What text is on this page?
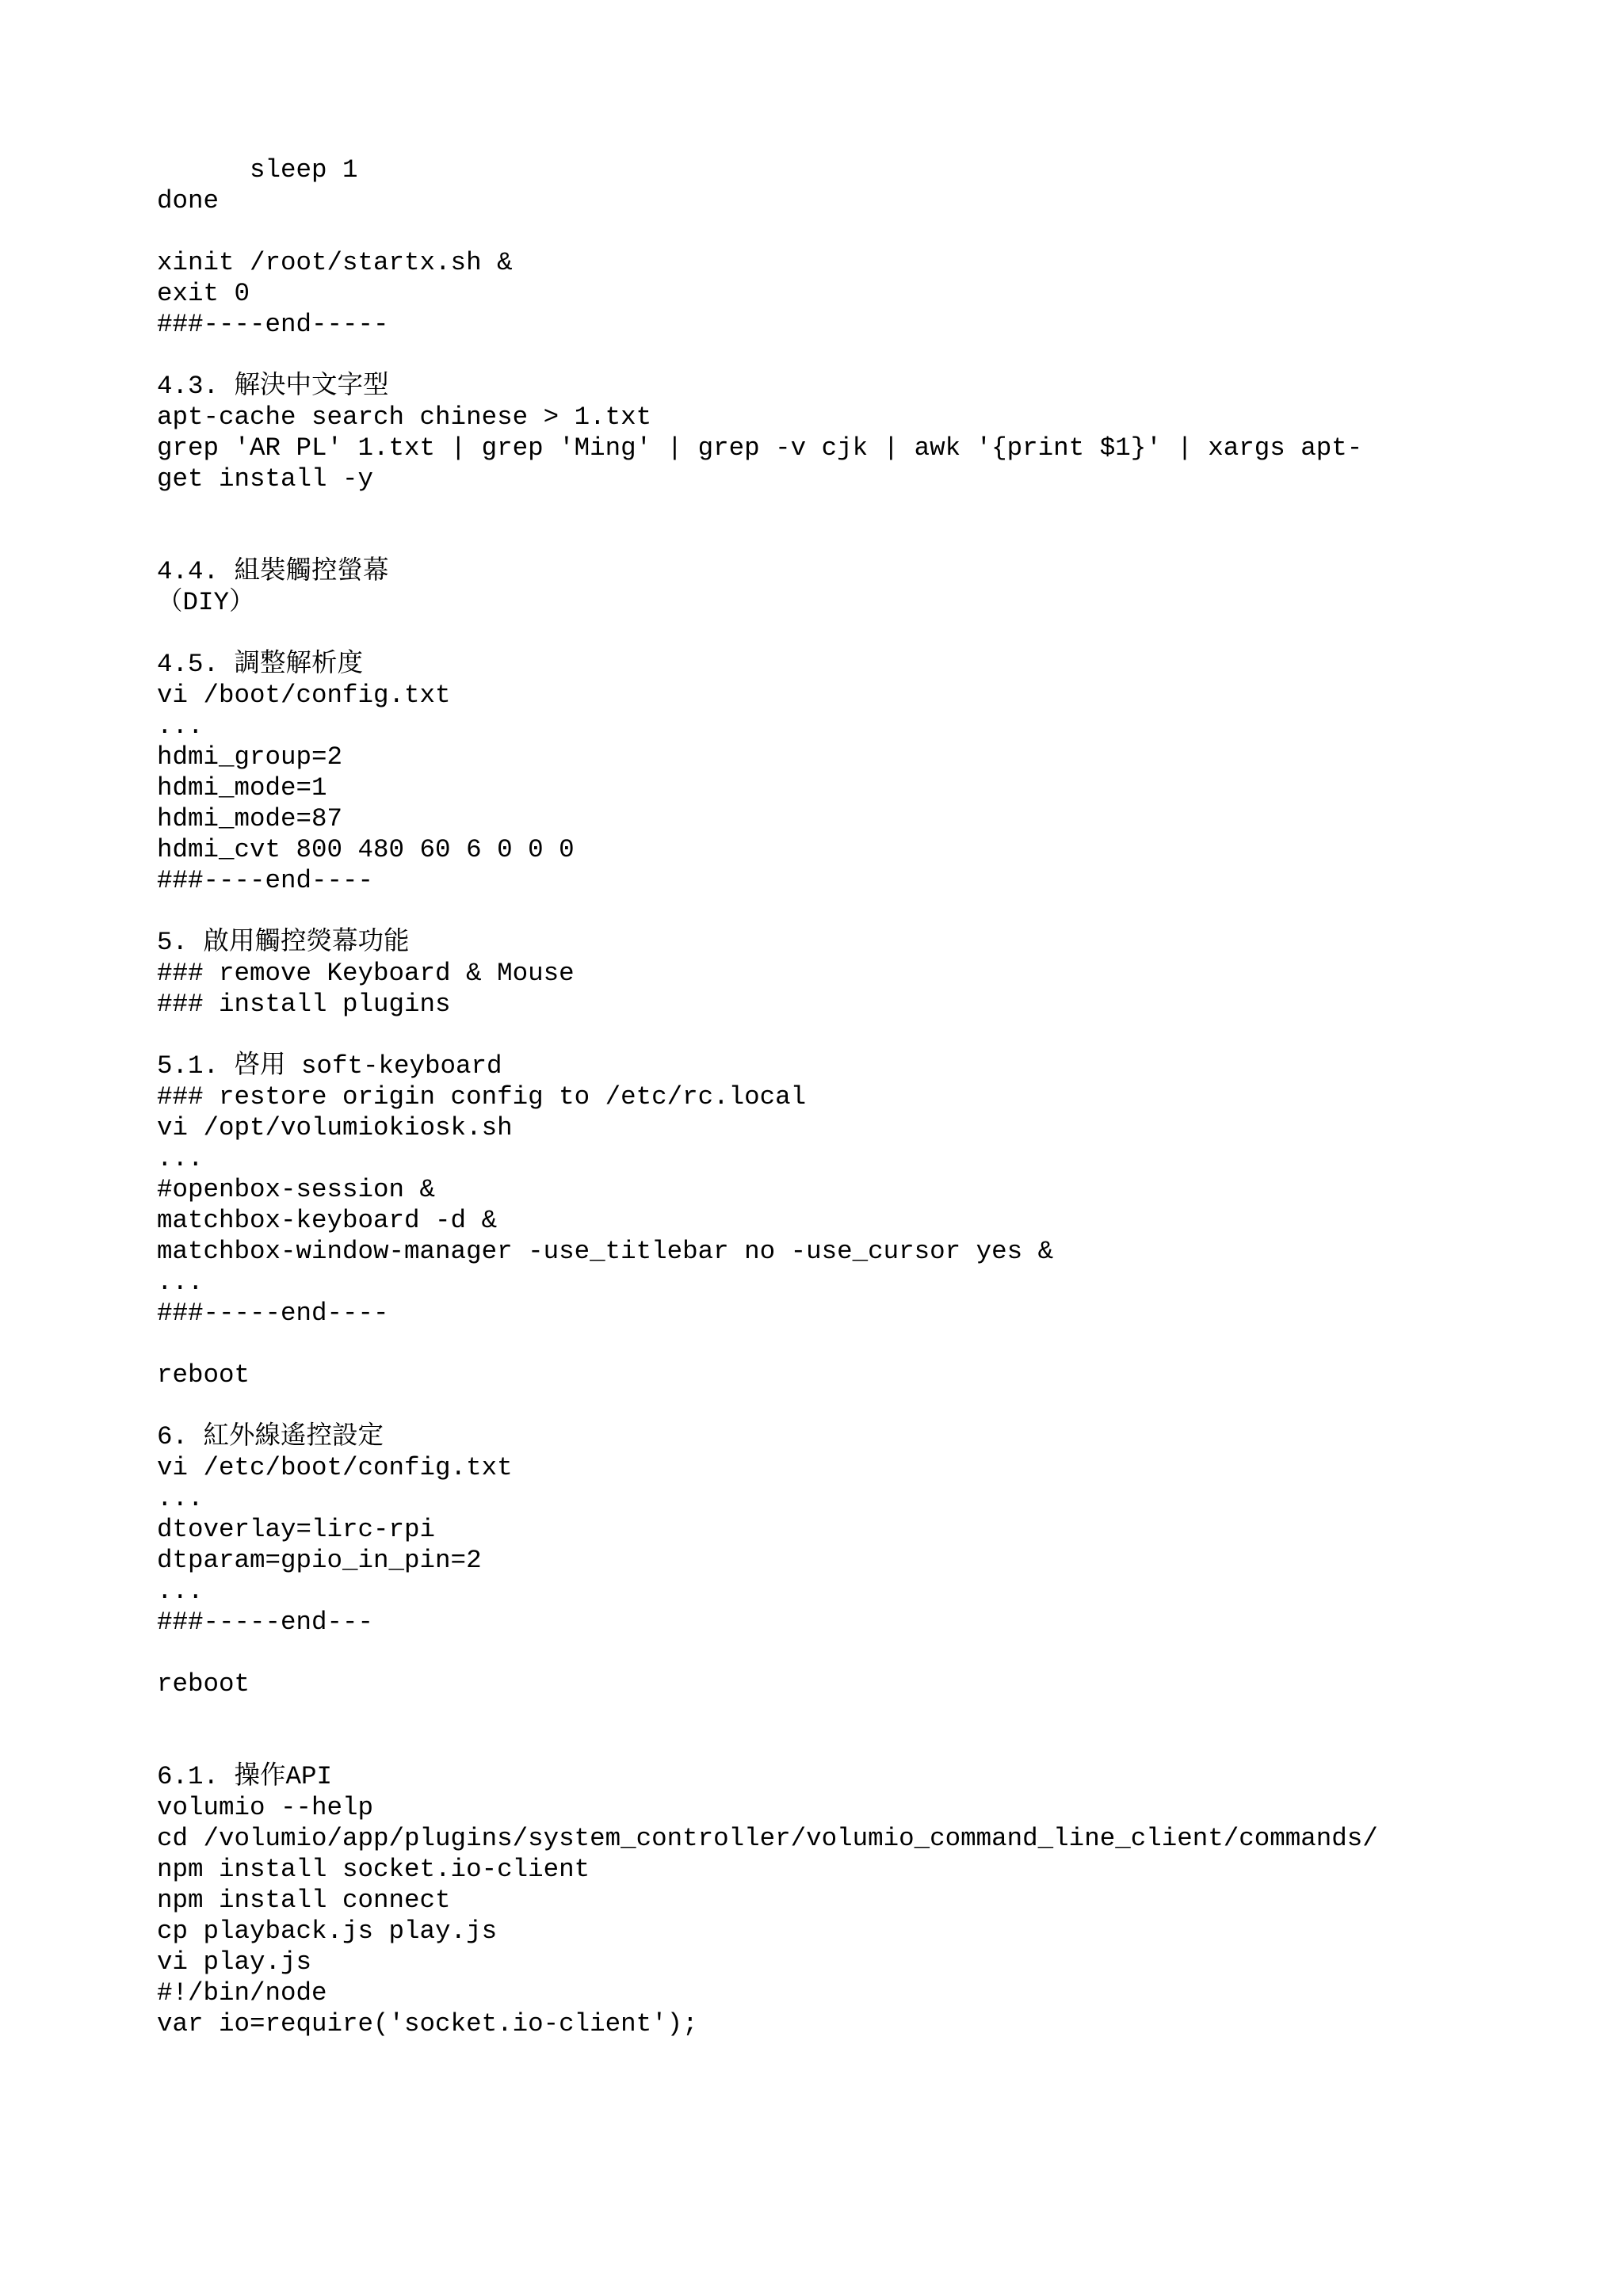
sleep 1
done
xinit /root/startx.sh &
exit 0
###----end-----
4.3. 解決中文字型
apt-cache search chinese > 1.txt
grep 'AR PL' 1.txt | grep 'Ming' | grep -v cjk | awk '{print $1}' | xargs apt-
get install -y
4.4. 組裝觸控螢幕
（DIY）
4.5. 調整解析度
vi /boot/config.txt
...
hdmi_group=2
hdmi_mode=1
hdmi_mode=87
hdmi_cvt 800 480 60 6 0 0 0
###----end----
5. 啟用觸控熒幕功能
### remove Keyboard & Mouse
### install plugins
5.1. 啓用 soft-keyboard
### restore origin config to /etc/rc.local
vi /opt/volumiokiosk.sh
...
#openbox-session &
matchbox-keyboard -d &
matchbox-window-manager -use_titlebar no -use_cursor yes &
...
###-----end----
reboot
6. 紅外線遙控設定
vi /etc/boot/config.txt
...
dtoverlay=lirc-rpi
dtparam=gpio_in_pin=2
...
###-----end---
reboot
6.1. 操作API
volumio --help
cd /volumio/app/plugins/system_controller/volumio_command_line_client/commands/
npm install socket.io-client
npm install connect
cp playback.js play.js
vi play.js
#!/bin/node
var io=require('socket.io-client');
